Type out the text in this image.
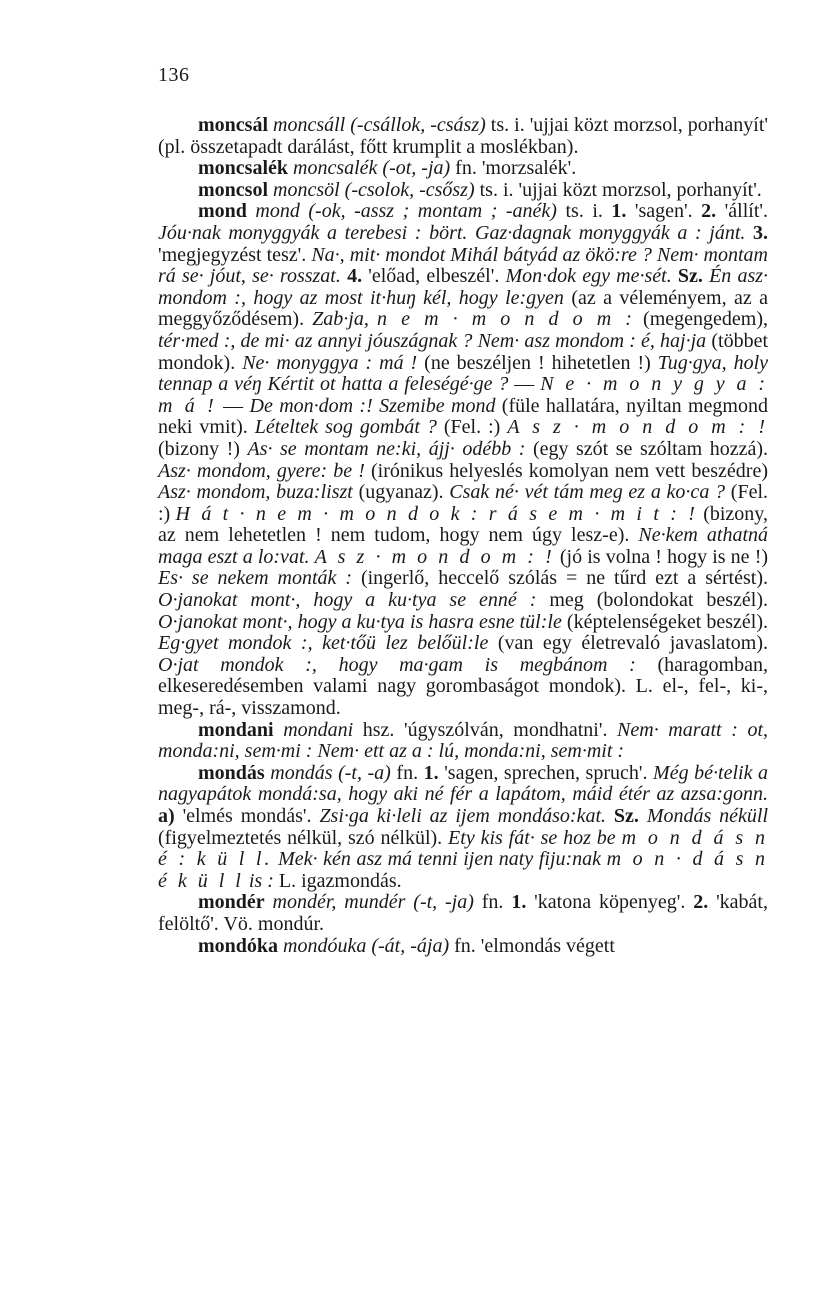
136

moncsál moncsáll (-csállok, -csász) ts. i. 'ujjai közt morzsol, porhanyít' (pl. összetapadt darálást, főtt krumplit a moslékban).

moncsalék moncsalék (-ot, -ja) fn. 'morzsalék'.

moncsol moncsöl (-csolok, -csősz) ts. i. 'ujjai közt morzsol, porhanyít'.

mond mond (-ok, -assz ; montam ; -anék) ts. i. 1. 'sagen'. 2. 'állít'. Jóu·nak monyggyák a terebesi : bört. Gaz·dagnak monyggyák a : jánt. 3. 'megjegyzést tesz'. Na·, mit· mondot Mihál bátyád az ökö:re ? Nem· montam rá se· jóut, se· rosszat. 4. 'előad, elbeszél'. Mon·dok egy me·sét. Sz. Én asz· mondom :, hogy az most it·huŋ kél, hogy le:gyen (az a véleményem, az a meggyőződésem). Zab·ja, n e m · m o n d o m : (megengedem), tér·med :, de mi· az annyi jóuszágnak ? Nem· asz mondom : é, haj·ja (többet mondok). Ne· monyggya : má ! (ne beszéljen ! hihetetlen !) Tug·gya, holy tennap a véŋ Kértit ot hatta a feleségé·ge ? — N e · m o n y g y a : m á ! — De mon·dom :! Szemibe mond (füle hallatára, nyiltan megmond neki vmit). Lételtek sog gombát ? (Fel. :) A s z · m o n d o m : ! (bizony !) As· se montam ne:ki, ájj· odébb : (egy szót se szóltam hozzá). Asz· mondom, gyere: be ! (irónikus helyeslés komolyan nem vett beszédre) Asz· mondom, buza:liszt (ugyanaz). Csak né· vét tám meg ez a ko·ca ? (Fel. :) H á t · n e m · m o n d o k : r á s e m · m i t : ! (bizony, az nem lehetetlen ! nem tudom, hogy nem úgy lesz-e). Ne·kem athatná maga eszt a lo:vat. A s z · m o n d o m : ! (jó is volna ! hogy is ne !) Es· se nekem monták : (ingerlő, heccelő szólás = ne tűrd ezt a sértést). O·janokat mont·, hogy a ku·tya se enné : meg (bolondokat beszél). O·janokat mont·, hogy a ku·tya is hasra esne tül:le (képtelenségeket beszél). Eg·gyet mondok :, ket·tőü lez belőül:le (van egy életrevaló javaslatom). O·jat mondok :, hogy ma·gam is megbánom : (haragomban, elkeseredésemben valami nagy gorombaságot mondok). L. el-, fel-, ki-, meg-, rá-, visszamond.

mondani mondani hsz. 'úgyszólván, mondhatni'. Nem· maratt : ot, monda:ni, sem·mi : Nem· ett az a : lú, monda:ni, sem·mit :

mondás mondás (-t, -a) fn. 1. 'sagen, sprechen, spruch'. Még bé·telik a nagyapátok mondá:sa, hogy aki né fér a lapátom, máid étér az azsa:gonn. a) 'elmés mondás'. Zsi·ga ki·leli az ijem mondáso:kat. Sz. Mondás néküll (figyelmeztetés nélkül, szó nélkül). Ety kis fát· se hoz be m o n d á s n é : k ü l l. Mek· kén asz má tenni ijen naty fiju:nak m o n · d á s n é k ü l l is : L. igazmondás.

mondér mondér, mundér (-t, -ja) fn. 1. 'katona köpenyeg'. 2. 'kabát, felöltő'. Vö. mondúr.

mondóka mondóuka (-át, -ája) fn. 'elmondás végett
